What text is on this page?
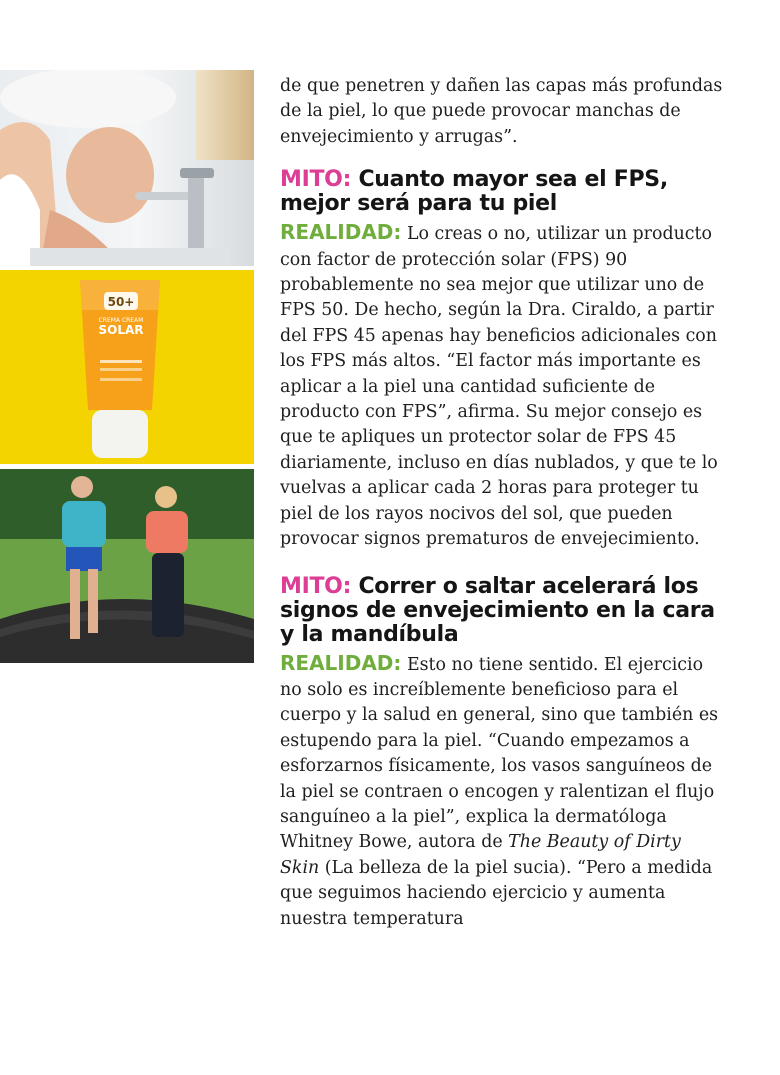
50+
CREMA CREAM
SOLAR

de que penetren y dañen las capas más profundas de la piel, lo que puede provocar manchas de envejecimiento y arrugas”.

MITO: Cuanto mayor sea el FPS, mejor será para tu piel

REALIDAD: Lo creas o no, utilizar un producto con factor de protección solar (FPS) 90 probablemente no sea mejor que utilizar uno de FPS 50. De hecho, según la Dra. Ciraldo, a partir del FPS 45 apenas hay beneficios adicionales con los FPS más altos. “El factor más importante es aplicar a la piel una cantidad suficiente de producto con FPS”, afirma. Su mejor consejo es que te apliques un protector solar de FPS 45 diariamente, incluso en días nublados, y que te lo vuelvas a aplicar cada 2 horas para proteger tu piel de los rayos nocivos del sol, que pueden provocar signos prematuros de envejecimiento.

MITO: Correr o saltar acelerará los signos de envejecimiento en la cara y la mandíbula

REALIDAD: Esto no tiene sentido. El ejercicio no solo es increíblemente beneficioso para el cuerpo y la salud en general, sino que también es estupendo para la piel. “Cuando empezamos a esforzarnos físicamente, los vasos sanguíneos de la piel se contraen o encogen y ralentizan el flujo sanguíneo a la piel”, explica la dermatóloga Whitney Bowe, autora de The Beauty of Dirty Skin (La belleza de la piel sucia). “Pero a medida que seguimos haciendo ejercicio y aumenta nuestra temperatura
